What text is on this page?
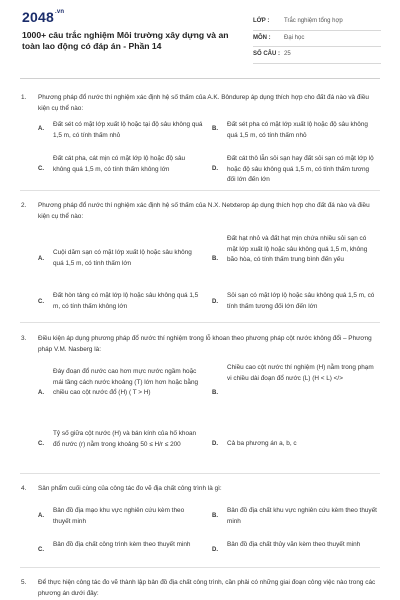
$2048^{.vn}$
1000+ câu trắc nghiệm Môi trường xây dựng và an toàn lao động có đáp án - Phần 14
LỚP : Trắc nghiệm tổng hợp
MÔN : Đại học
SỐ CÂU : 25
1. Phương pháp đổ nước thí nghiệm xác định hệ số thấm của A.K. Bôndurep áp dụng thích hợp cho đất đá nào và điều kiện cụ thể nào:
A.
Đất sét có mặt lớp xuất lộ hoặc tại độ sâu không quá 1,5 m, có tính thấm nhỏ
B.
Đất sét pha có mặt lớp xuất lộ hoặc độ sâu không quá 1,5 m, có tính thấm nhỏ
C.
Đất cát pha, cát mịn có mặt lớp lộ hoặc độ sâu không quá 1,5 m, có tính thấm không lớn	D.
Đất cát thô lẫn sỏi sạn hay đất sỏi sạn có mặt lớp lộ hoặc độ sâu không quá 1,5 m, có tính thấm tương đối lớn đến lớn
2. Phương pháp đổ nước thí nghiệm xác định hệ số thấm của N.X. Netxterop áp dụng thích hợp cho đất đá nào và điều kiện cụ thể nào:
A.
Cuội dăm sạn có mặt lớp xuất lộ hoặc sâu không quá 1,5 m, có tính thấm lớn
B.
Đất hạt nhỏ và đất hạt mịn chứa nhiều sỏi sạn có mặt lớp xuất lộ hoặc sâu không quá 1,5 m, không bão hòa, có tính thấm trung bình đến yếu
C.
Đất hòn tảng có mặt lớp lộ hoặc sâu không quá 1,5 m, có tính thấm không lớn
D.
Sỏi sạn có mặt lớp lộ hoặc sâu không quá 1,5 m, có tính thấm tương đối lớn đến lớn
3. Điều kiện áp dụng phương pháp đổ nước thí nghiệm trong lỗ khoan theo phương pháp cột nước không đổi – Phương pháp V.M. Nasberg là:
A.
Đáy đoạn đổ nước cao hơn mực nước ngầm hoặc mái tầng cách nước khoảng (T) lớn hơn hoặc bằng chiều cao cột nước đổ (H) ( T > H)	B.
Chiều cao cột nước thí nghiệm (H) nằm trong phạm vi chiều dài đoạn đổ nước (L) (H < L) </>
C.
Tỷ số giữa cột nước (H) và bán kính của hố khoan đổ nước (r) nằm trong khoảng 50 ≤ H/r ≤ 200	D. Cả ba phương án a, b, c
4. Sản phẩm cuối cùng của công tác đo vẽ địa chất công trình là gì:
A.
Bản đồ địa mạo khu vực nghiên cứu kèm theo thuyết minh
B.
Bản đồ địa chất khu vực nghiên cứu kèm theo thuyết minh
C.
Bản đồ địa chất công trình kèm theo thuyết minh
D.
Bản đồ địa chất thủy văn kèm theo thuyết minh
5. Để thực hiện công tác đo vẽ thành lập bản đồ địa chất công trình, cần phải có những giai đoạn công việc nào trong các phương án dưới đây:
